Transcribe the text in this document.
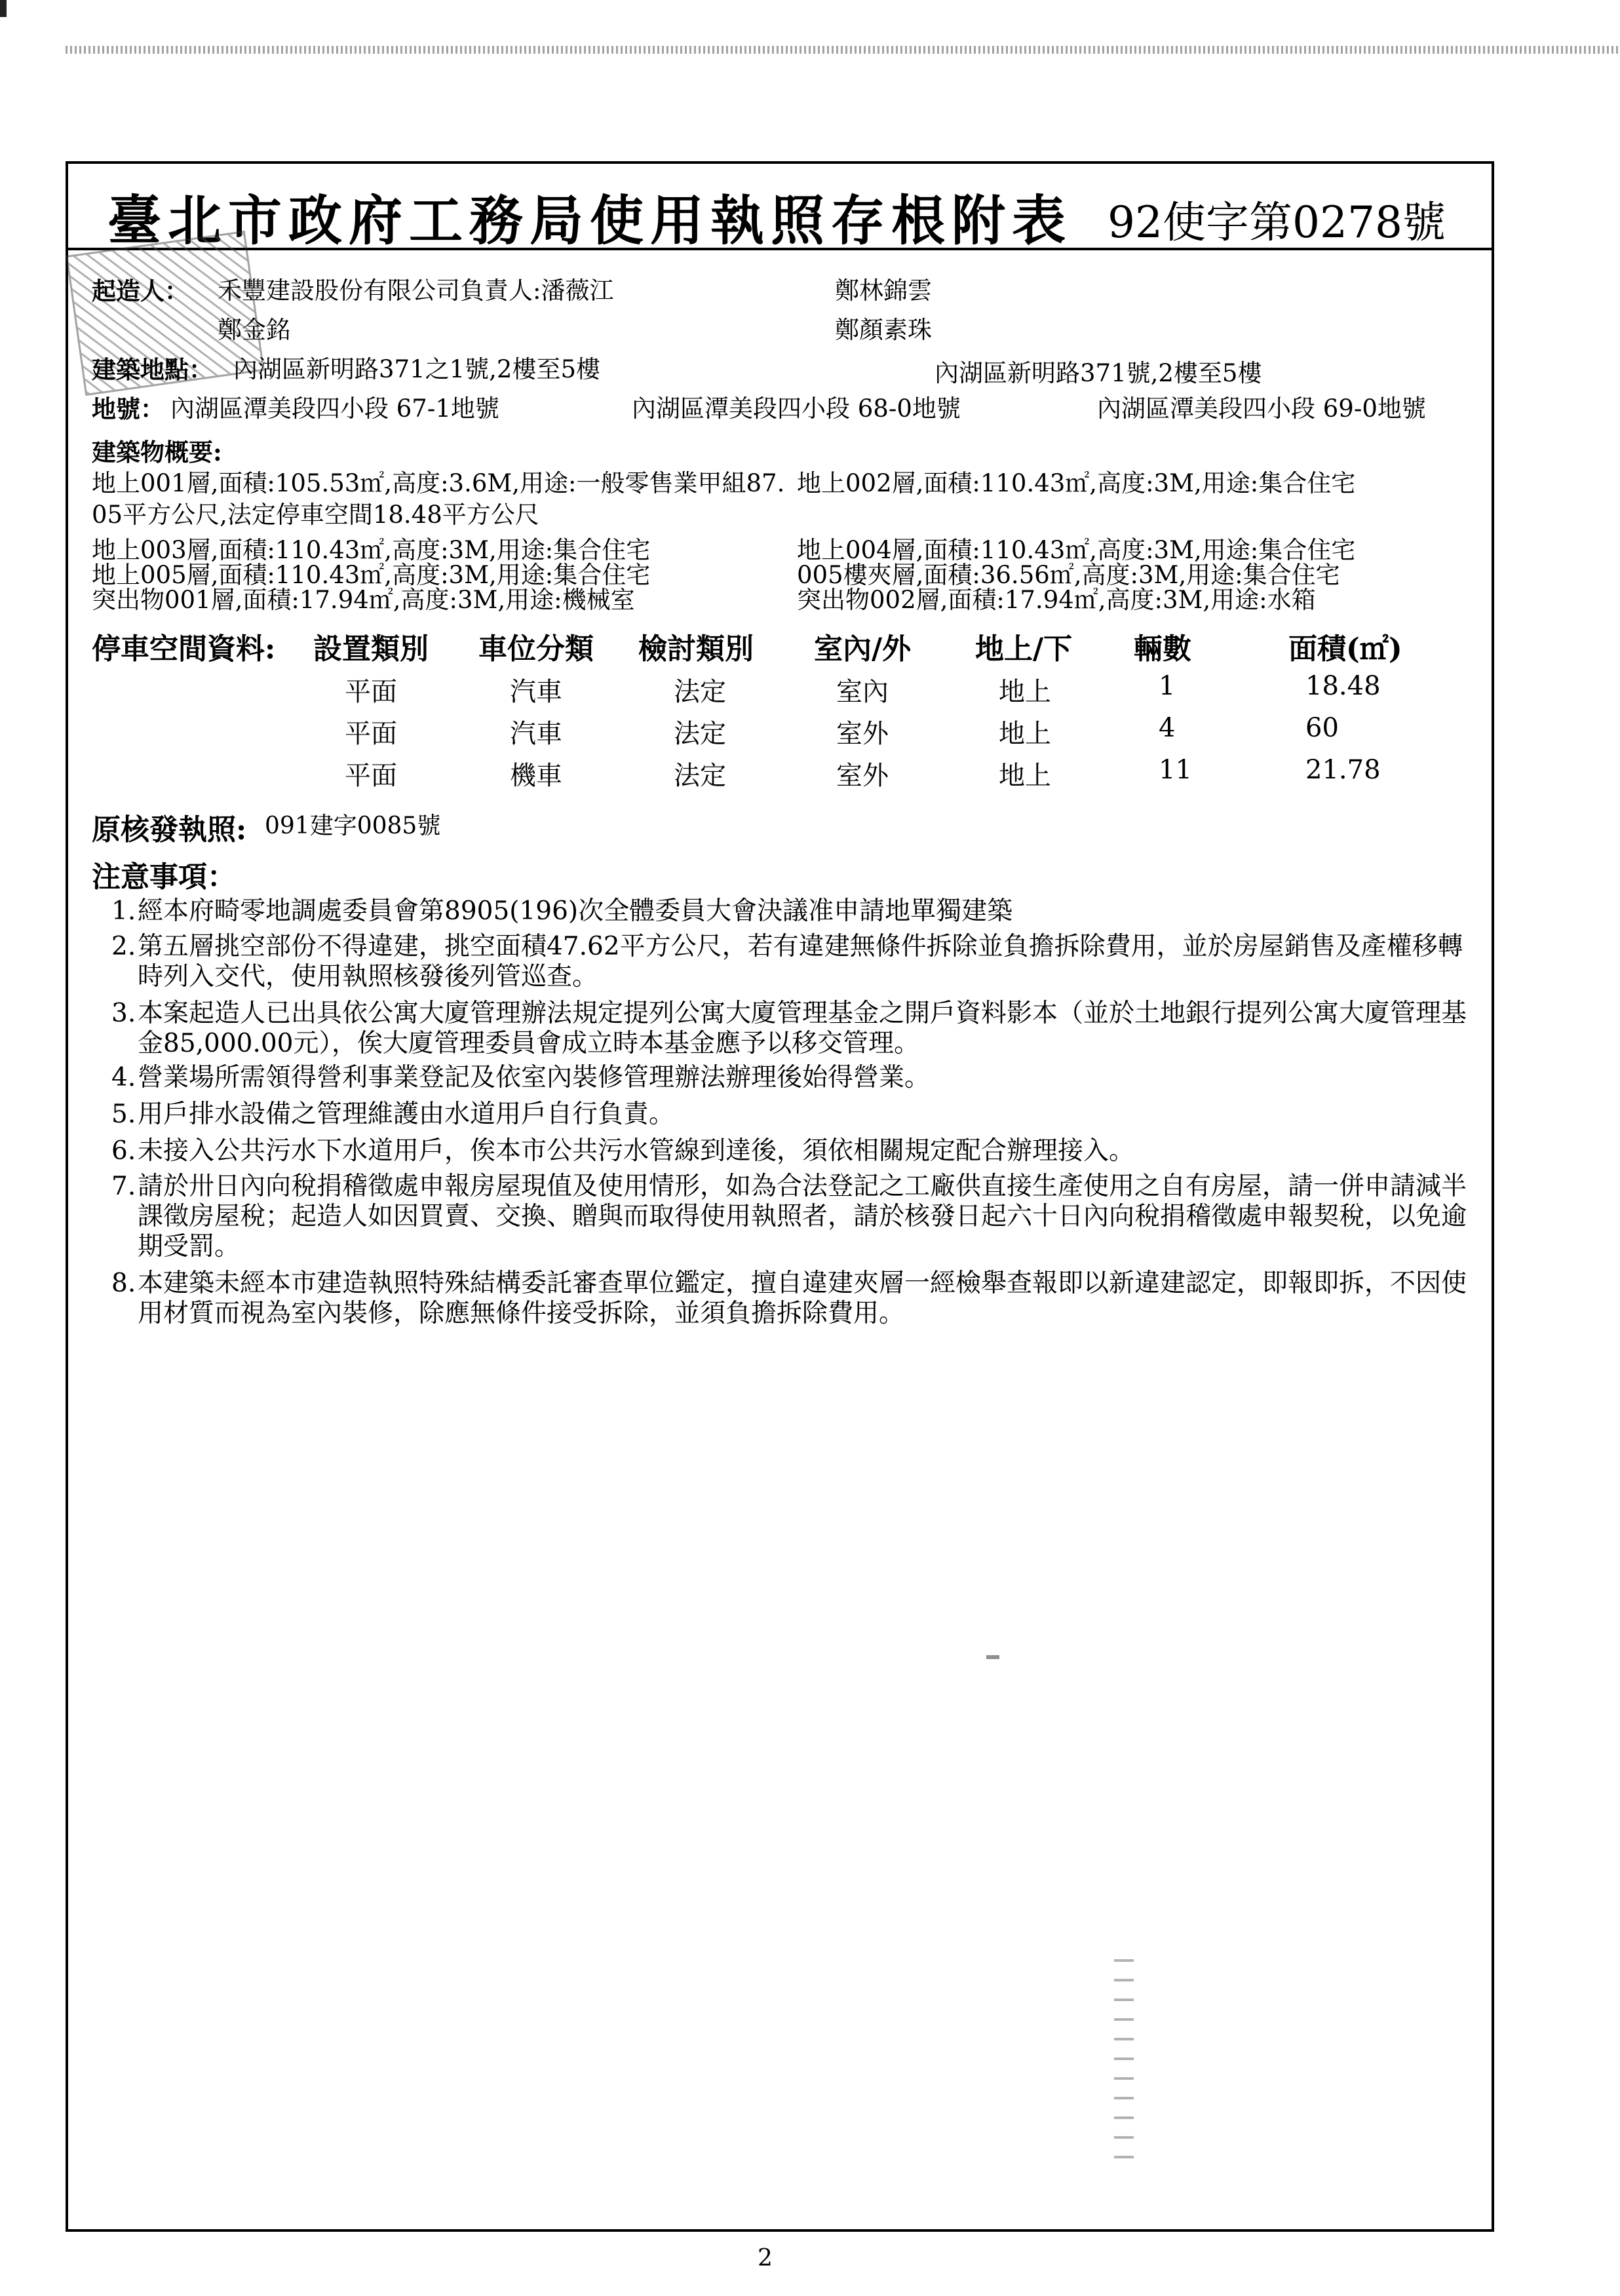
臺北市政府工務局使用執照存根附表 92使字第0278號
起造人： 禾豐建設股份有限公司負責人:潘薇江	鄭林錦雲
鄭金銘	鄭顏素珠
建築地點： 內湖區新明路371之1號,2樓至5樓	內湖區新明路371號,2樓至5樓
地號： 內湖區潭美段四小段 67-1地號	內湖區潭美段四小段 68-0地號	內湖區潭美段四小段 69-0地號
建築物概要:
地上001層,面積:105.53㎡,高度:3.6M,用途:一般零售業甲組87. 地上002層,面積:110.43㎡,高度:3M,用途:集合住宅
05平方公尺,法定停車空間18.48平方公尺
地上003層,面積:110.43㎡,高度:3M,用途:集合住宅	地上004層,面積:110.43㎡,高度:3M,用途:集合住宅
地上005層,面積:110.43㎡,高度:3M,用途:集合住宅	005樓夾層,面積:36.56㎡,高度:3M,用途:集合住宅
突出物001層,面積:17.94㎡,高度:3M,用途:機械室	突出物002層,面積:17.94㎡,高度:3M,用途:水箱
停車空間資料: 設置類別 車位分類 檢討類別 室內/外 地上/下 輛數	面積(㎡)
平面	汽車	法定	室內	地上	1	18.48
平面	汽車	法定	室外	地上	4	60
平面	機車	法定	室外	地上	11	21.78
原核發執照: 091建字0085號
注意事項：
1. 經本府畸零地調處委員會第8905(196)次全體委員大會決議准申請地單獨建築
2. 第五層挑空部份不得違建，挑空面積47.62平方公尺，若有違建無條件拆除並負擔拆除費用，並於房屋銷售及產權移轉時列入交代，使用執照核發後列管巡查。
3. 本案起造人已出具依公寓大廈管理辦法規定提列公寓大廈管理基金之開戶資料影本（並於土地銀行提列公寓大廈管理基金85,000.00元），俟大廈管理委員會成立時本基金應予以移交管理。
4. 營業場所需領得營利事業登記及依室內裝修管理辦法辦理後始得營業。
5. 用戶排水設備之管理維護由水道用戶自行負責。
6. 未接入公共污水下水道用戶，俟本市公共污水管線到達後，須依相關規定配合辦理接入。
7. 請於卅日內向稅捐稽徵處申報房屋現值及使用情形，如為合法登記之工廠供直接生產使用之自有房屋，請一併申請減半課徵房屋稅；起造人如因買賣、交換、贈與而取得使用執照者，請於核發日起六十日內向稅捐稽徵處申報契稅，以免逾期受罰。
8. 本建築未經本市建造執照特殊結構委託審查單位鑑定，擅自違建夾層一經檢舉查報即以新違建認定，即報即拆，不因使用材質而視為室內裝修，除應無條件接受拆除，並須負擔拆除費用。
2
